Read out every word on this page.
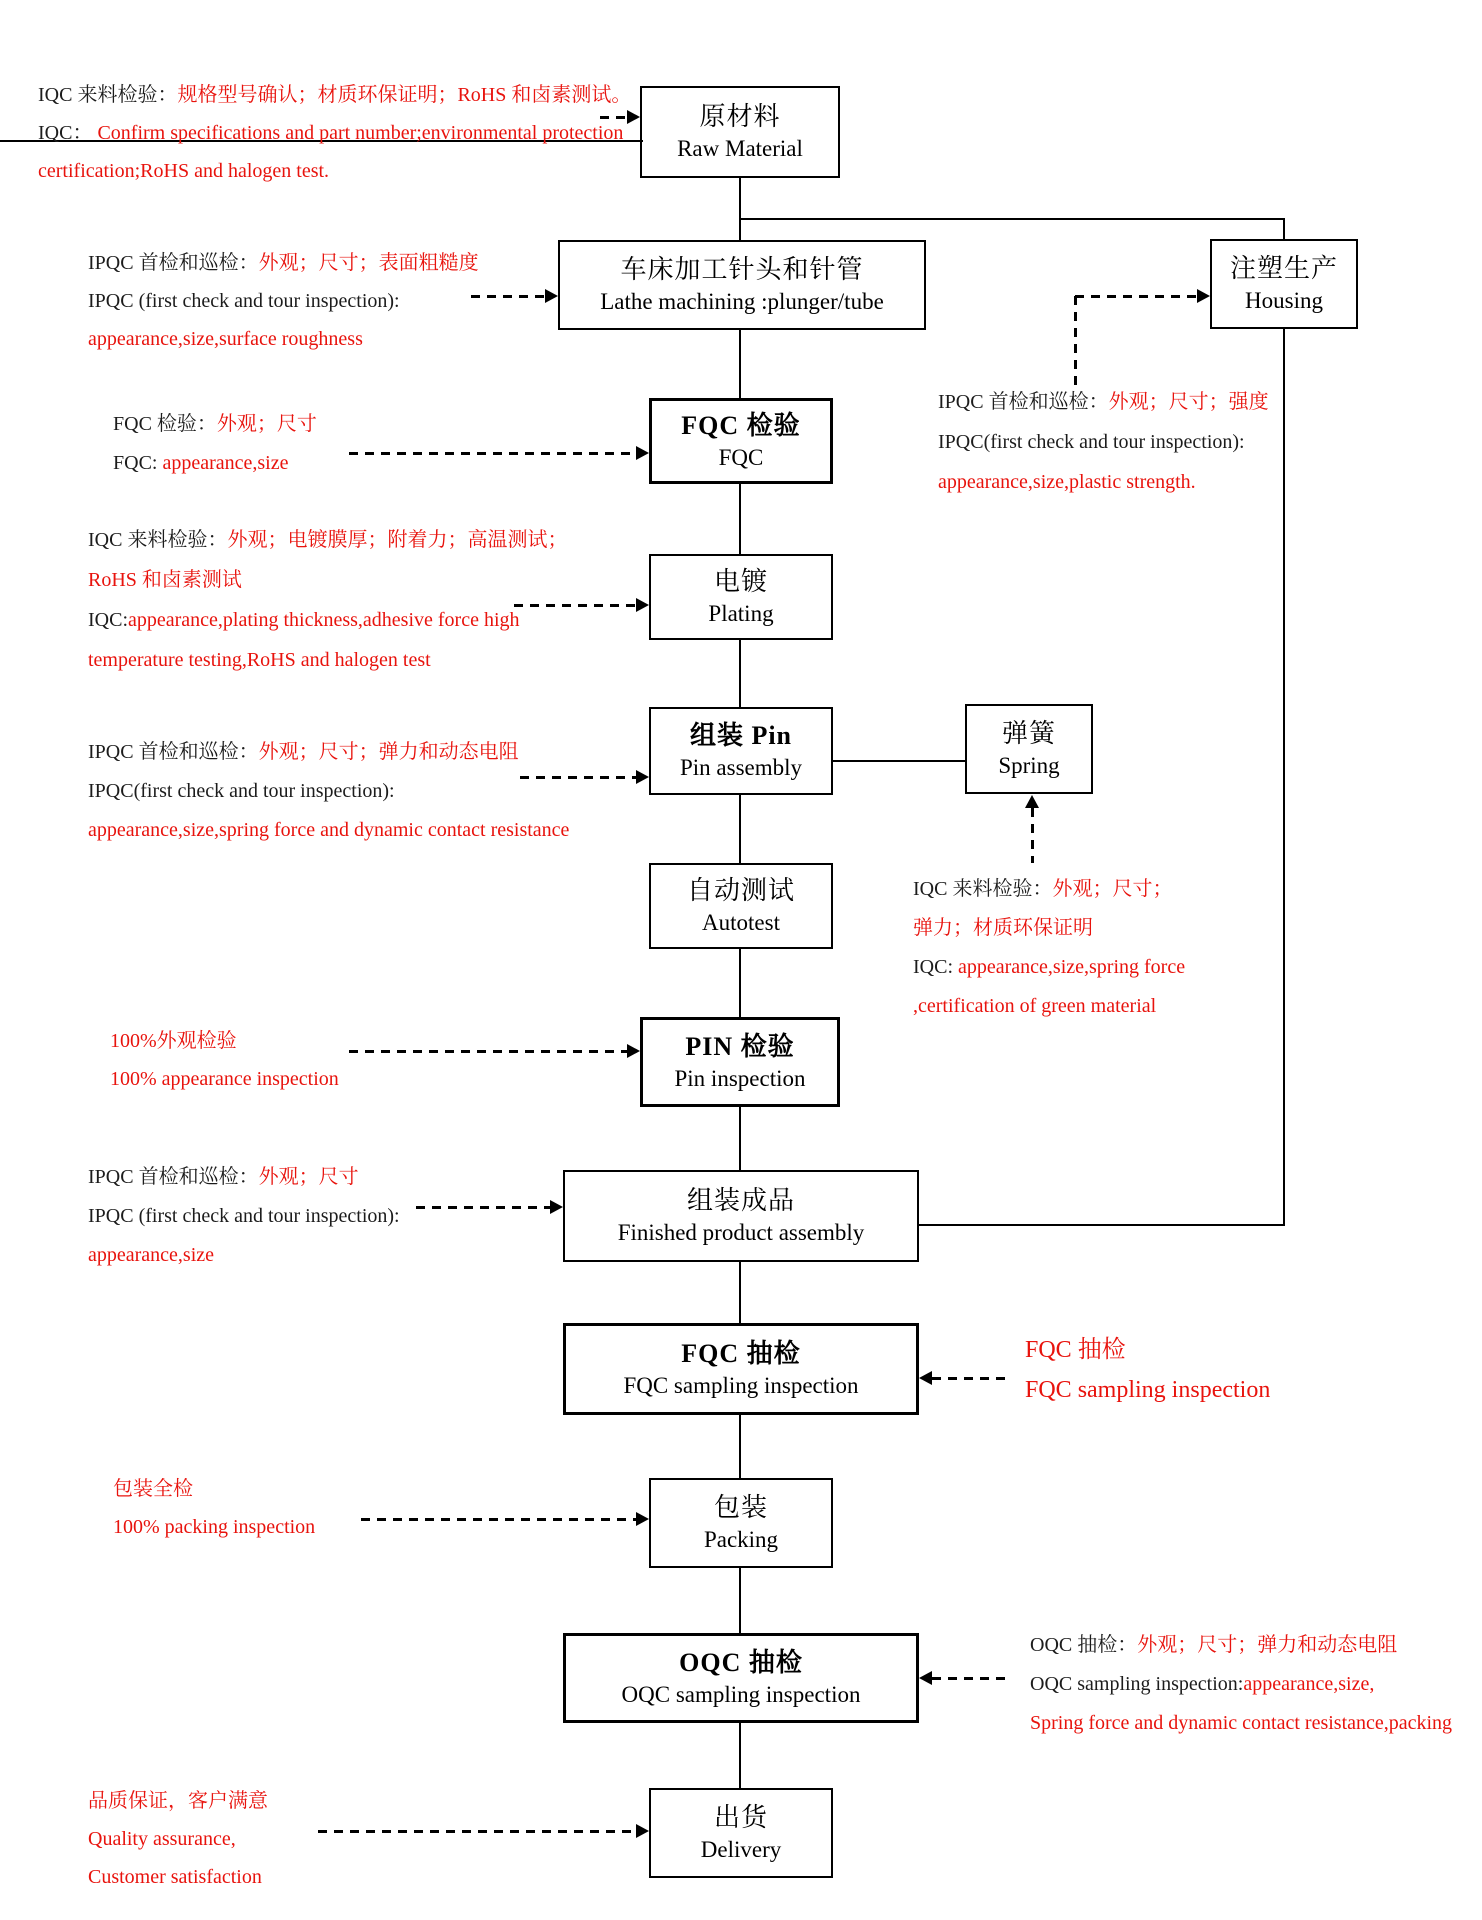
原材料
Raw Material
车床加工针头和针管
Lathe machining :plunger/tube
注塑生产
Housing
FQC 检验
FQC
电镀
Plating
组装 Pin
Pin assembly
弹簧
Spring
自动测试
Autotest
PIN 检验
Pin inspection
组装成品
Finished product assembly
FQC 抽检
FQC sampling inspection
包装
Packing
OQC 抽检
OQC sampling inspection
出货
Delivery
IQC 来料检验：规格型号确认；材质环保证明；RoHS 和卤素测试。
IQC： Confirm specifications and part number;environmental protection
certification;RoHS and halogen test.
IPQC 首检和巡检：外观；尺寸；表面粗糙度
IPQC (first check and tour inspection):
appearance,size,surface roughness
IPQC 首检和巡检：外观；尺寸；强度
IPQC(first check and tour inspection):
appearance,size,plastic strength.
FQC 检验：外观；尺寸
FQC: appearance,size
IQC 来料检验：外观；电镀膜厚；附着力；高温测试；
RoHS 和卤素测试
IQC:appearance,plating thickness,adhesive force high
temperature testing,RoHS and halogen test
IPQC 首检和巡检：外观；尺寸；弹力和动态电阻
IPQC(first check and tour inspection):
appearance,size,spring force and dynamic contact resistance
IQC 来料检验：外观；尺寸；
弹力；材质环保证明
IQC: appearance,size,spring force
,certification of green material
100%外观检验
100% appearance inspection
IPQC 首检和巡检：外观；尺寸
IPQC (first check and tour inspection):
appearance,size
FQC 抽检
FQC sampling inspection
包装全检
100% packing inspection
OQC 抽检：外观；尺寸；弹力和动态电阻
OQC sampling inspection:appearance,size,
Spring force and dynamic contact resistance,packing
品质保证，客户满意
Quality assurance,
Customer satisfaction
